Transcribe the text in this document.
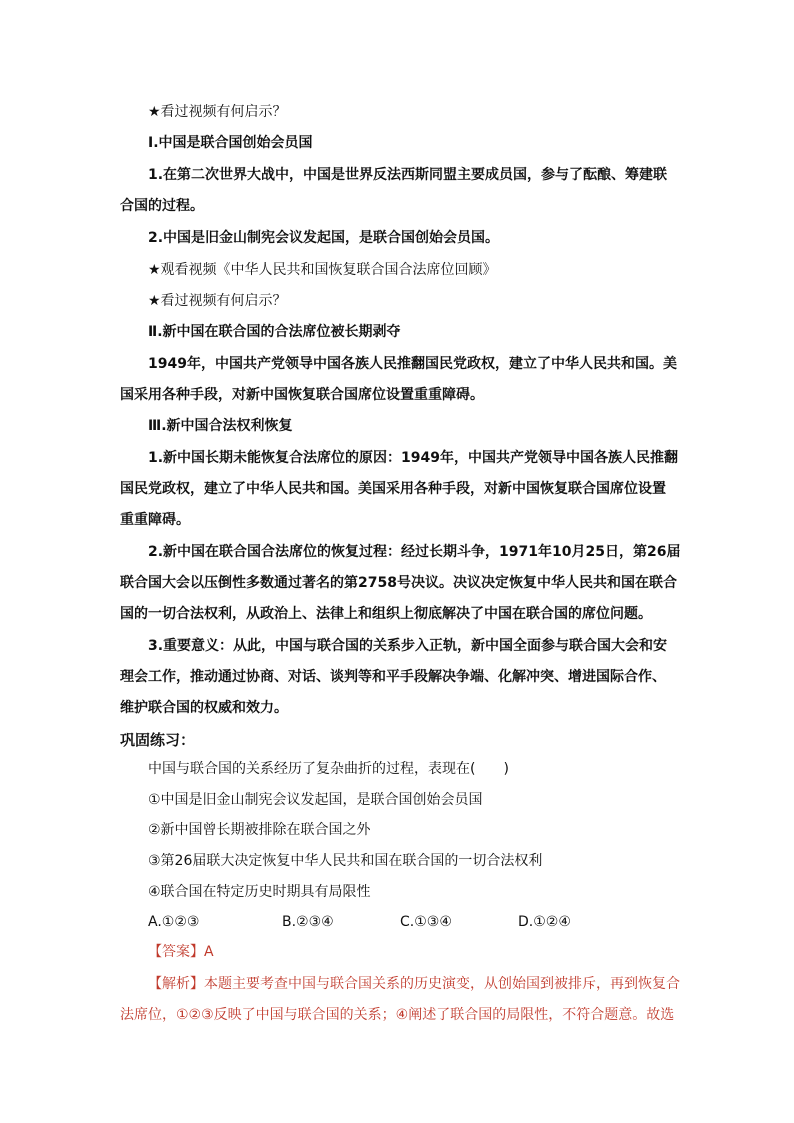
★看过视频有何启示？
Ⅰ.中国是联合国创始会员国
1.在第二次世界大战中，中国是世界反法西斯同盟主要成员国，参与了酝酿、筹建联
合国的过程。
2.中国是旧金山制宪会议发起国，是联合国创始会员国。
★观看视频《中华人民共和国恢复联合国合法席位回顾》
★看过视频有何启示？
Ⅱ.新中国在联合国的合法席位被长期剥夺
1949年，中国共产党领导中国各族人民推翻国民党政权，建立了中华人民共和国。美
国采用各种手段，对新中国恢复联合国席位设置重重障碍。
Ⅲ.新中国合法权利恢复
1.新中国长期未能恢复合法席位的原因：1949年，中国共产党领导中国各族人民推翻
国民党政权，建立了中华人民共和国。美国采用各种手段，对新中国恢复联合国席位设置
重重障碍。
2.新中国在联合国合法席位的恢复过程：经过长期斗争，1971年10月25日，第26届
联合国大会以压倒性多数通过著名的第2758号决议。决议决定恢复中华人民共和国在联合
国的一切合法权利，从政治上、法律上和组织上彻底解决了中国在联合国的席位问题。
3.重要意义：从此，中国与联合国的关系步入正轨，新中国全面参与联合国大会和安
理会工作，推动通过协商、对话、谈判等和平手段解决争端、化解冲突、增进国际合作、
维护联合国的权威和效力。
巩固练习：
中国与联合国的关系经历了复杂曲折的过程，表现在(　　)
①中国是旧金山制宪会议发起国，是联合国创始会员国
②新中国曾长期被排除在联合国之外
③第26届联大决定恢复中华人民共和国在联合国的一切合法权利
④联合国在特定历史时期具有局限性
A.①②③	B.②③④	C.①③④	D.①②④
【答案】A
【解析】本题主要考查中国与联合国关系的历史演变，从创始国到被排斥，再到恢复合
法席位，①②③反映了中国与联合国的关系；④阐述了联合国的局限性，不符合题意。故选
